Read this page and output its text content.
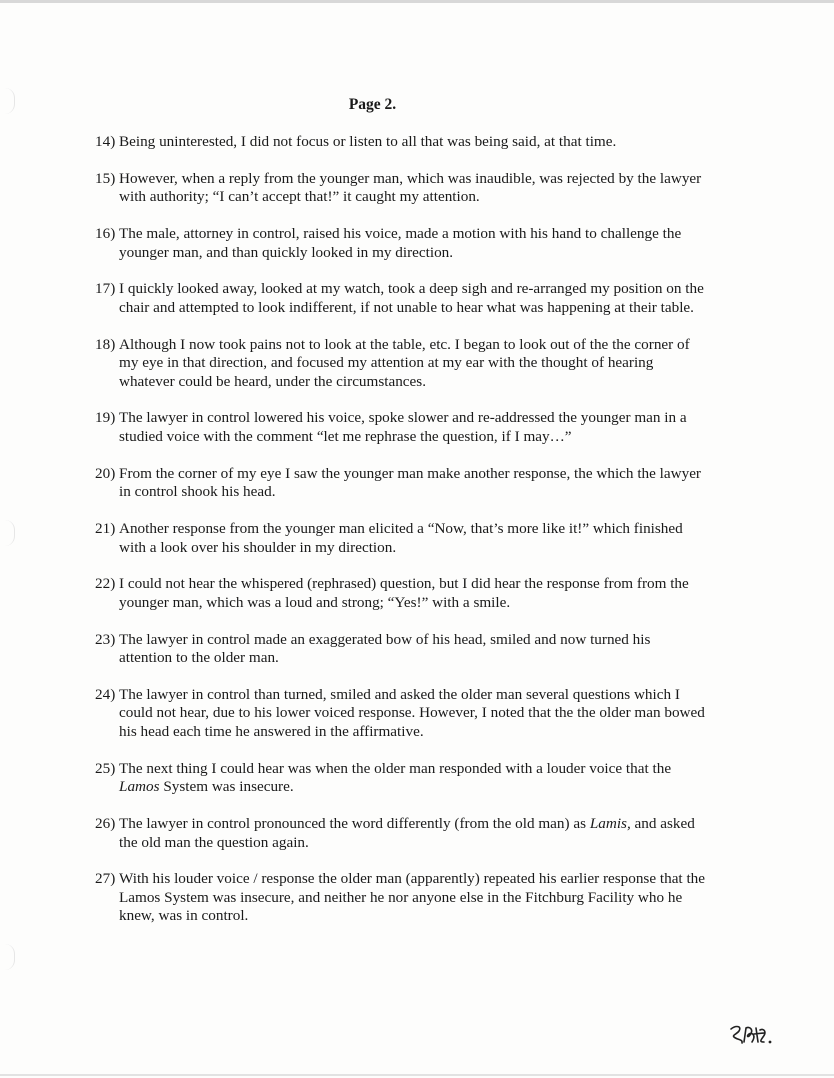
Page 2.
14) Being uninterested, I did not focus or listen to all that was being said, at that time.
15) However, when a reply from the younger man, which was inaudible, was rejected by the lawyer with authority; “I can’t accept that!” it caught my attention.
16) The male, attorney in control, raised his voice, made a motion with his hand to challenge the younger man, and than quickly looked in my direction.
17) I quickly looked away, looked at my watch, took a deep sigh and re-arranged my position on the chair and attempted to look indifferent, if not unable to hear what was happening at their table.
18) Although I now took pains not to look at the table, etc. I began to look out of the the corner of my eye in that direction, and focused my attention at my ear with the thought of hearing whatever could be heard, under the circumstances.
19) The lawyer in control lowered his voice, spoke slower and re-addressed the younger man in a studied voice with the comment “let me rephrase the question, if I may…”
20) From the corner of my eye I saw the younger man make another response, the which the lawyer in control shook his head.
21) Another response from the younger man elicited a “Now, that’s more like it!” which finished with a look over his shoulder in my direction.
22) I could not hear the whispered (rephrased) question, but I did hear the response from from the younger man, which was a loud and strong; “Yes!” with a smile.
23) The lawyer in control made an exaggerated bow of his head, smiled and now turned his attention to the older man.
24) The lawyer in control than turned, smiled and asked the older man several questions which I could not hear, due to his lower voiced response. However, I noted that the the older man bowed his head each time he answered in the affirmative.
25) The next thing I could hear was when the older man responded with a louder voice that the Lamos System was insecure.
26) The lawyer in control pronounced the word differently (from the old man) as Lamis, and asked the old man the question again.
27) With his louder voice / response the older man (apparently) repeated his earlier response that the Lamos System was insecure, and neither he nor anyone else in the Fitchburg Facility who he knew, was in control.
